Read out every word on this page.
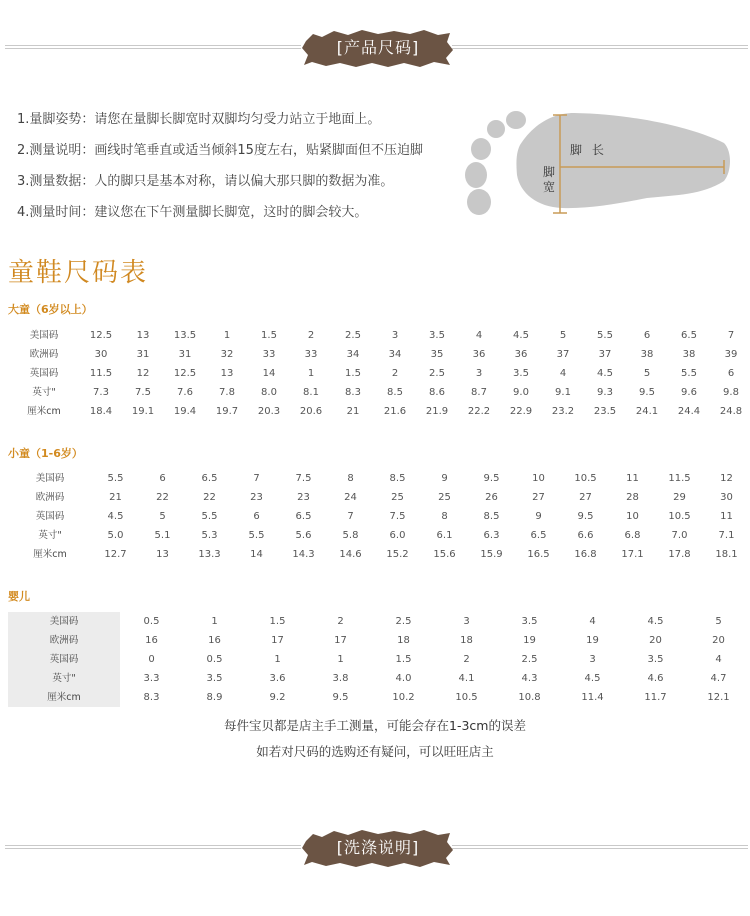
[产品尺码]
1.量脚姿势：请您在量脚长脚宽时双脚均匀受力站立于地面上。
2.测量说明：画线时笔垂直或适当倾斜15度左右，贴紧脚面但不压迫脚
3.测量数据：人的脚只是基本对称，请以偏大那只脚的数据为准。
4.测量时间：建议您在下午测量脚长脚宽，这时的脚会较大。
脚 长
脚宽
童鞋尺码表
大童（6岁以上）
美国码	12.5	13	13.5	1	1.5	2	2.5	3	3.5	4	4.5	5	5.5	6	6.5	7
欧洲码	30	31	31	32	33	33	34	34	35	36	36	37	37	38	38	39
英国码	11.5	12	12.5	13	14	1	1.5	2	2.5	3	3.5	4	4.5	5	5.5	6
英寸"	7.3	7.5	7.6	7.8	8.0	8.1	8.3	8.5	8.6	8.7	9.0	9.1	9.3	9.5	9.6	9.8
厘米cm	18.4	19.1	19.4	19.7	20.3	20.6	21	21.6	21.9	22.2	22.9	23.2	23.5	24.1	24.4	24.8
小童（1-6岁）
美国码	5.5	6	6.5	7	7.5	8	8.5	9	9.5	10	10.5	11	11.5	12
欧洲码	21	22	22	23	23	24	25	25	26	27	27	28	29	30
英国码	4.5	5	5.5	6	6.5	7	7.5	8	8.5	9	9.5	10	10.5	11
英寸"	5.0	5.1	5.3	5.5	5.6	5.8	6.0	6.1	6.3	6.5	6.6	6.8	7.0	7.1
厘米cm	12.7	13	13.3	14	14.3	14.6	15.2	15.6	15.9	16.5	16.8	17.1	17.8	18.1
婴儿
美国码	0.5	1	1.5	2	2.5	3	3.5	4	4.5	5
欧洲码	16	16	17	17	18	18	19	19	20	20
英国码	0	0.5	1	1	1.5	2	2.5	3	3.5	4
英寸"	3.3	3.5	3.6	3.8	4.0	4.1	4.3	4.5	4.6	4.7
厘米cm	8.3	8.9	9.2	9.5	10.2	10.5	10.8	11.4	11.7	12.1
每件宝贝都是店主手工测量，可能会存在1-3cm的误差
如若对尺码的选购还有疑问，可以旺旺店主
[洗涤说明]
